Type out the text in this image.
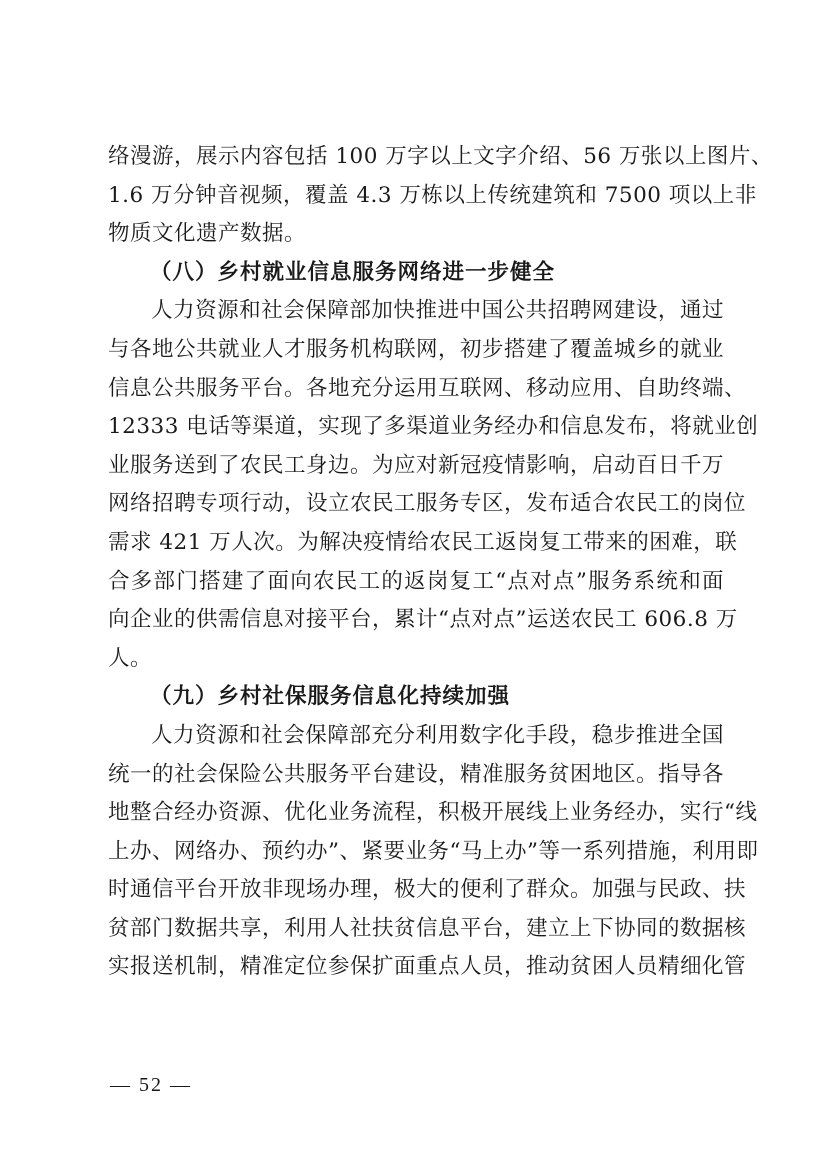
络漫游，展示内容包括 100 万字以上文字介绍、56 万张以上图片、
1.6 万分钟音视频，覆盖 4.3 万栋以上传统建筑和 7500 项以上非
物质文化遗产数据。
（八）乡村就业信息服务网络进一步健全
人力资源和社会保障部加快推进中国公共招聘网建设，通过
与各地公共就业人才服务机构联网，初步搭建了覆盖城乡的就业
信息公共服务平台。各地充分运用互联网、移动应用、自助终端、
12333 电话等渠道，实现了多渠道业务经办和信息发布，将就业创
业服务送到了农民工身边。为应对新冠疫情影响，启动百日千万
网络招聘专项行动，设立农民工服务专区，发布适合农民工的岗位
需求 421 万人次。为解决疫情给农民工返岗复工带来的困难，联
合多部门搭建了面向农民工的返岗复工“点对点”服务系统和面
向企业的供需信息对接平台，累计“点对点”运送农民工 606.8 万
人。
（九）乡村社保服务信息化持续加强
人力资源和社会保障部充分利用数字化手段，稳步推进全国
统一的社会保险公共服务平台建设，精准服务贫困地区。指导各
地整合经办资源、优化业务流程，积极开展线上业务经办，实行“线
上办、网络办、预约办”、紧要业务“马上办”等一系列措施，利用即
时通信平台开放非现场办理，极大的便利了群众。加强与民政、扶
贫部门数据共享，利用人社扶贫信息平台，建立上下协同的数据核
实报送机制，精准定位参保扩面重点人员，推动贫困人员精细化管
— 52 —
